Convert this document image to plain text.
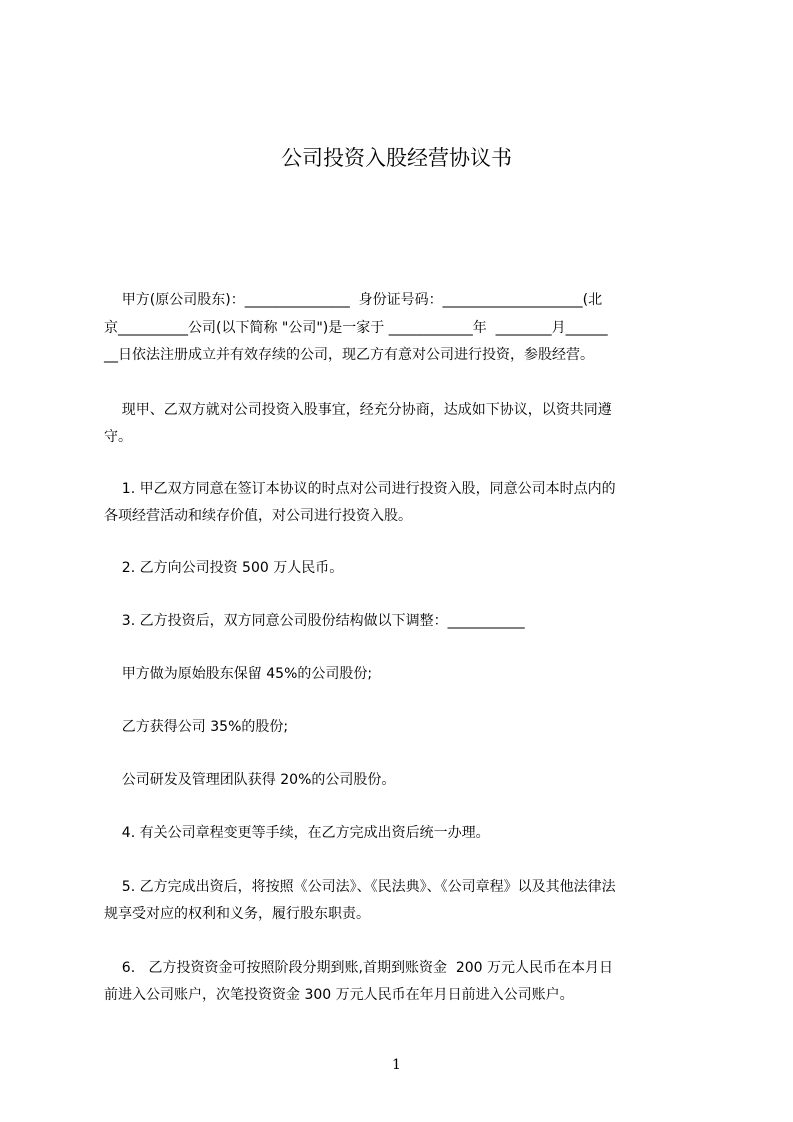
公司投资入股经营协议书
甲方(原公司股东)：_______________  身份证号码：____________________(北
京__________公司(以下简称 "公司")是一家于 ____________年  ________月______
__日依法注册成立并有效存续的公司，现乙方有意对公司进行投资，参股经营。
现甲、乙双方就对公司投资入股事宜，经充分协商，达成如下协议，以资共同遵
守。
1. 甲乙双方同意在签订本协议的时点对公司进行投资入股，同意公司本时点内的
各项经营活动和续存价值，对公司进行投资入股。
2. 乙方向公司投资 500 万人民币。
3. 乙方投资后，双方同意公司股份结构做以下调整：___________
甲方做为原始股东保留 45%的公司股份;
乙方获得公司 35%的股份;
公司研发及管理团队获得 20%的公司股份。
4. 有关公司章程变更等手续，在乙方完成出资后统一办理。
5. 乙方完成出资后，将按照《公司法》、《民法典》、《公司章程》以及其他法律法
规享受对应的权利和义务，履行股东职责。
6.   乙方投资资金可按照阶段分期到账,首期到账资金  200 万元人民币在本月日
前进入公司账户，次笔投资资金 300 万元人民币在年月日前进入公司账户。
1
